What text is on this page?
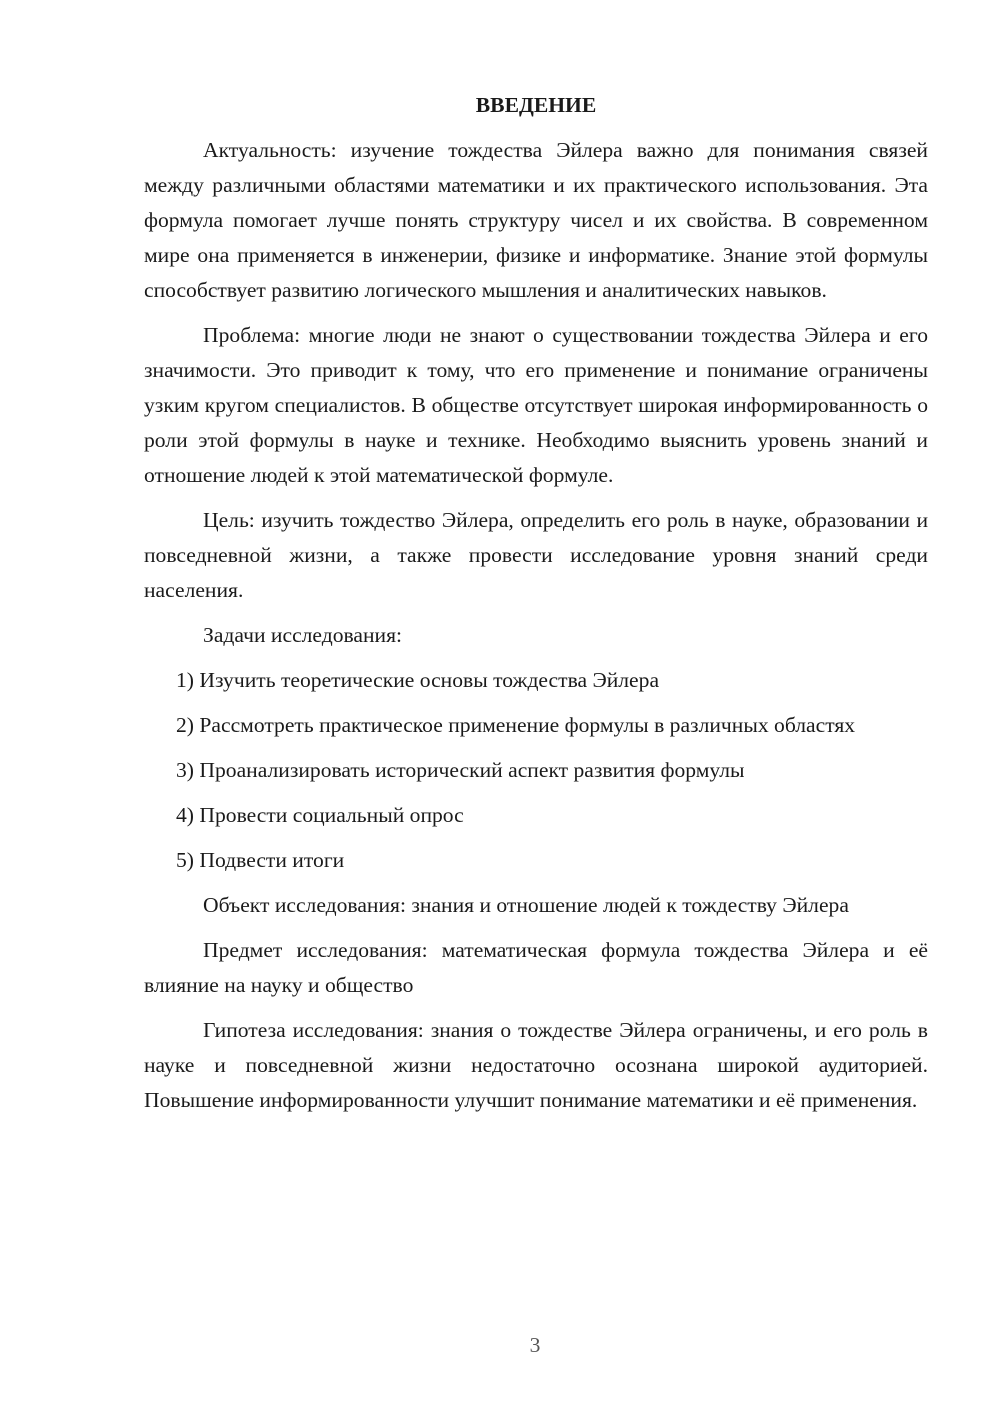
ВВЕДЕНИЕ

Актуальность: изучение тождества Эйлера важно для понимания связей между различными областями математики и их практического использования. Эта формула помогает лучше понять структуру чисел и их свойства. В современном мире она применяется в инженерии, физике и информатике. Знание этой формулы способствует развитию логического мышления и аналитических навыков.

Проблема: многие люди не знают о существовании тождества Эйлера и его значимости. Это приводит к тому, что его применение и понимание ограничены узким кругом специалистов. В обществе отсутствует широкая информированность о роли этой формулы в науке и технике. Необходимо выяснить уровень знаний и отношение людей к этой математической формуле.

Цель: изучить тождество Эйлера, определить его роль в науке, образовании и повседневной жизни, а также провести исследование уровня знаний среди населения.

Задачи исследования:

1) Изучить теоретические основы тождества Эйлера

2) Рассмотреть практическое применение формулы в различных областях

3) Проанализировать исторический аспект развития формулы

4) Провести социальный опрос

5) Подвести итоги

Объект исследования: знания и отношение людей к тождеству Эйлера

Предмет исследования: математическая формула тождества Эйлера и её влияние на науку и общество

Гипотеза исследования: знания о тождестве Эйлера ограничены, и его роль в науке и повседневной жизни недостаточно осознана широкой аудиторией. Повышение информированности улучшит понимание математики и её применения.

3
